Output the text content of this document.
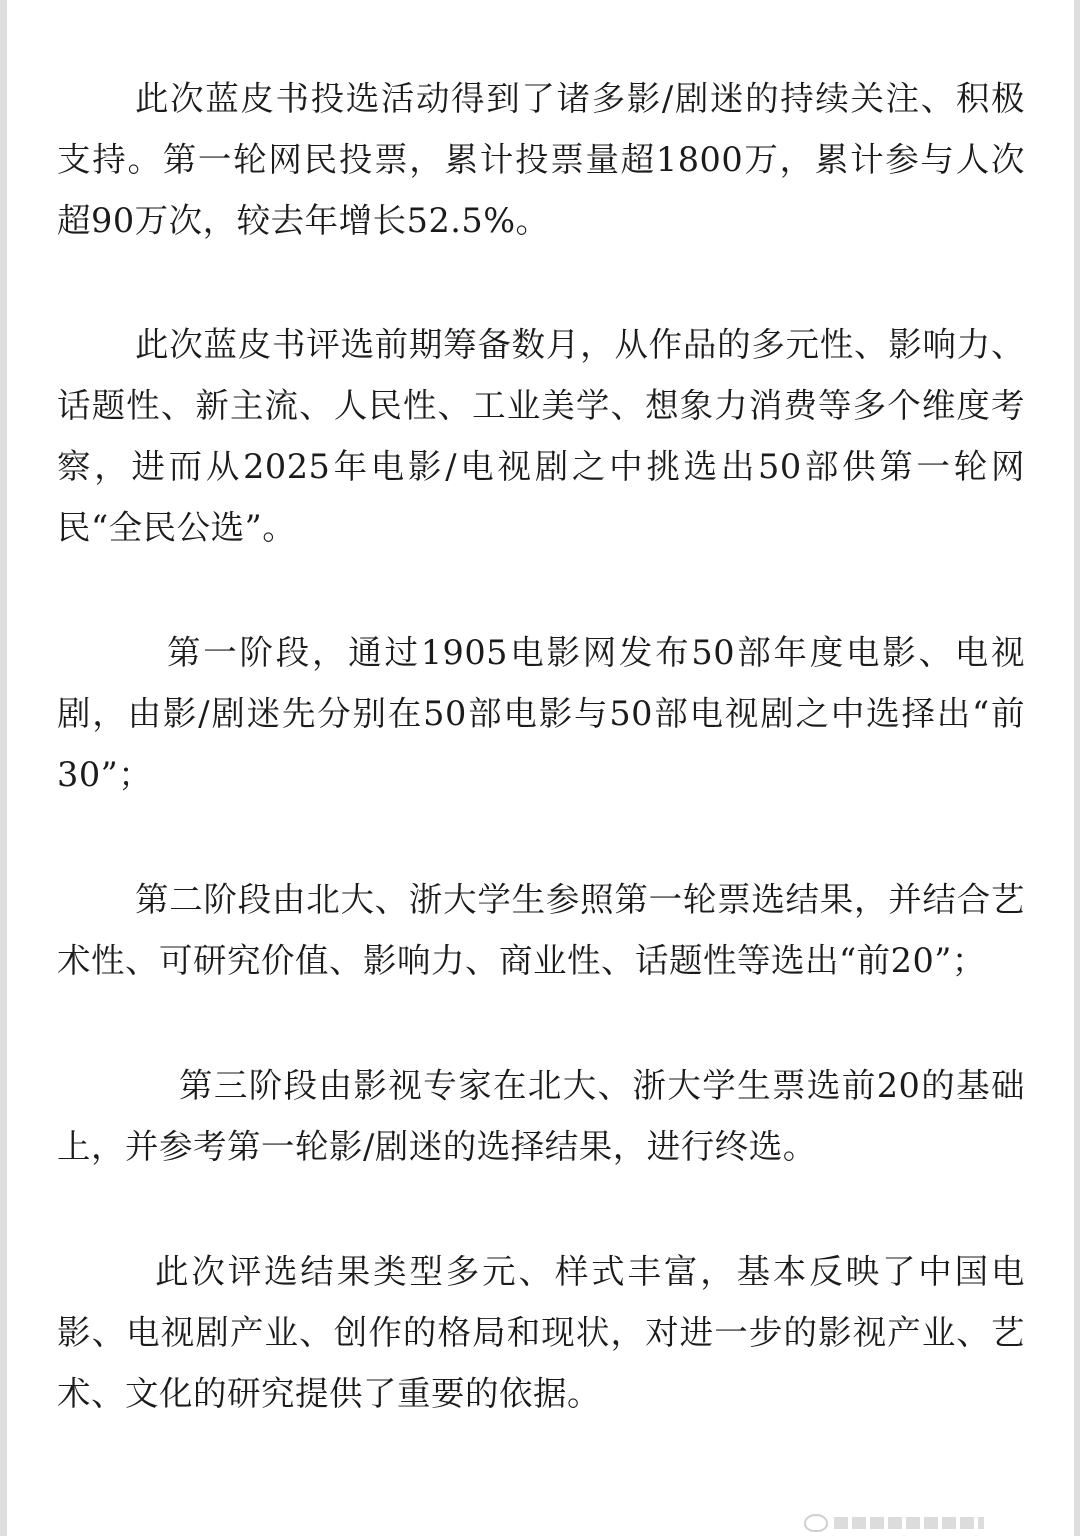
此次蓝皮书投选活动得到了诸多影/剧迷的持续关注、积极支持。第一轮网民投票，累计投票量超1800万，累计参与人次超90万次，较去年增长52.5%。

此次蓝皮书评选前期筹备数月，从作品的多元性、影响力、话题性、新主流、人民性、工业美学、想象力消费等多个维度考察，进而从2025年电影/电视剧之中挑选出50部供第一轮网民“全民公选”。

第一阶段，通过1905电影网发布50部年度电影、电视剧，由影/剧迷先分别在50部电影与50部电视剧之中选择出“前30”；

第二阶段由北大、浙大学生参照第一轮票选结果，并结合艺术性、可研究价值、影响力、商业性、话题性等选出“前20”；

第三阶段由影视专家在北大、浙大学生票选前20的基础上，并参考第一轮影/剧迷的选择结果，进行终选。

此次评选结果类型多元、样式丰富，基本反映了中国电影、电视剧产业、创作的格局和现状，对进一步的影视产业、艺术、文化的研究提供了重要的依据。
